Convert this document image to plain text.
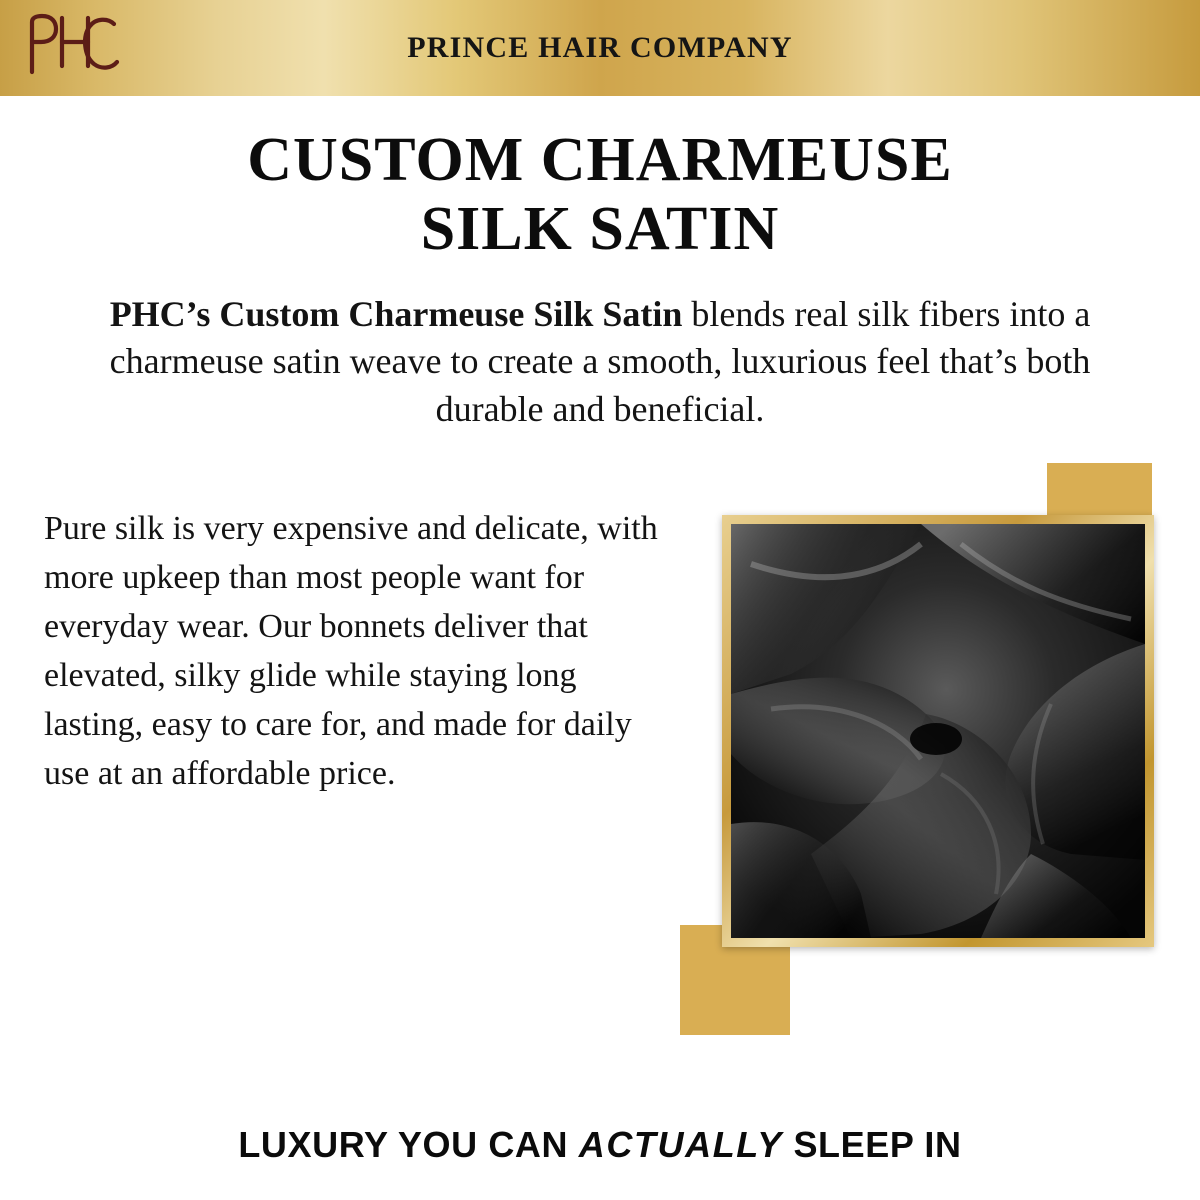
PRINCE HAIR COMPANY
CUSTOM CHARMEUSE
SILK SATIN

PHC’s Custom Charmeuse Silk Satin blends real silk fibers into a charmeuse satin weave to create a smooth, luxurious feel that’s both durable and beneficial.

Pure silk is very expensive and delicate, with more upkeep than most people want for everyday wear. Our bonnets deliver that elevated, silky glide while staying long lasting, easy to care for, and made for daily use at an affordable price.

LUXURY YOU CAN ACTUALLY SLEEP IN
